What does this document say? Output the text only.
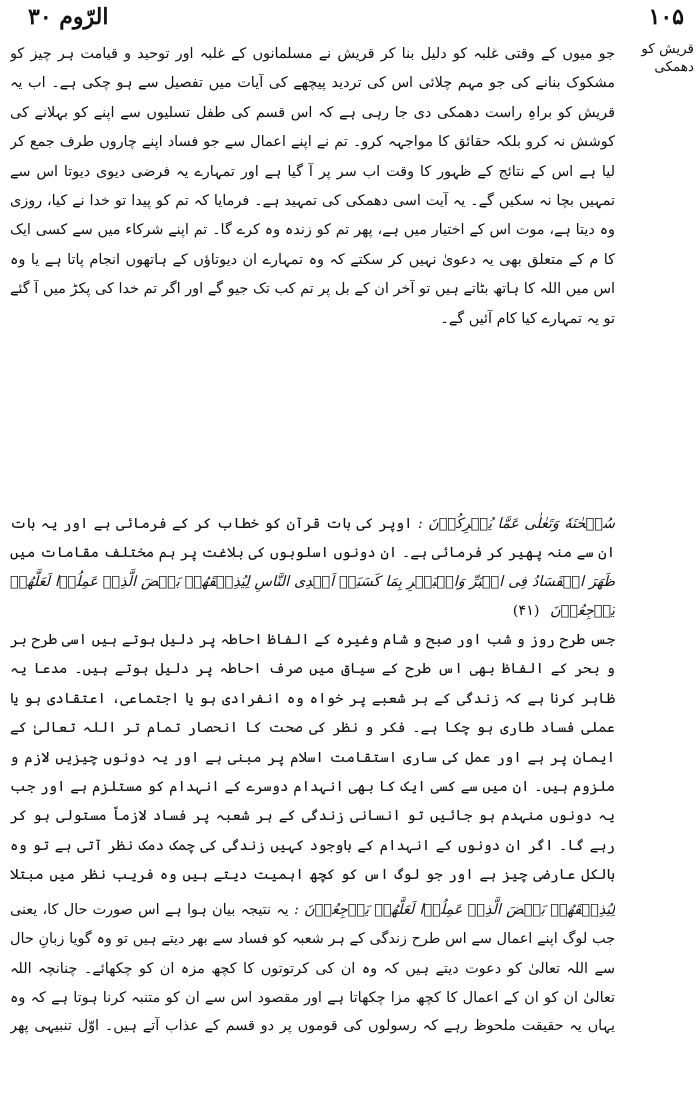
۱۰۵
الرّوم ۳۰
قریش کو دھمکی

جو میوں کے وقتی غلبہ کو دلیل بنا کر قریش نے مسلمانوں کے غلبہ اور توحید و قیامت ہر چیز کو مشکوک بنانے کی جو مہم چلائی اس کی تردید پیچھے کی آیات میں تفصیل سے ہو چکی ہے۔ اب یہ قریش کو براہِ راست دھمکی دی جا رہی ہے کہ اس قسم کی طفل تسلیوں سے اپنے کو بہلانے کی کوشش نہ کرو بلکہ حقائق کا مواجہہ کرو۔ تم نے اپنے اعمال سے جو فساد اپنے چاروں طرف جمع کر لیا ہے اس کے نتائج کے ظہور کا وقت اب سر پر آ گیا ہے اور تمہارے یہ فرضی دیوی دیوتا اس سے تمہیں بچا نہ سکیں گے۔ یہ آیت اسی دھمکی کی تمہید ہے۔ فرمایا کہ تم کو پیدا تو خدا نے کیا، روزی وہ دیتا ہے، موت اس کے اختیار میں ہے، پھر تم کو زندہ وہ کرے گا۔ تم اپنے شرکاء میں سے کسی ایک کا م کے متعلق بھی یہ دعویٰ نہیں کر سکتے کہ وہ تمہارے ان دیوتاؤں کے ہاتھوں انجام پاتا ہے یا وہ اس میں اللہ کا ہاتھ بٹاتے ہیں تو آخر ان کے بل پر تم کب تک جیو گے اور اگر تم خدا کی پکڑ میں آ گئے تو یہ تمہارے کیا کام آئیں گے۔

سُبۡحٰنَهٗ وَتَعٰلٰی عَمَّا یُشۡرِکُوۡنَ : اوپر کی بات قرآن کو خطاب کر کے فرمائی ہے اور یہ بات ان سے منہ پھیر کر فرمائی ہے۔ ان دونوں اسلوبوں کی بلاغت پر ہم مختلف مقامات میں

ظَهَرَ الۡفَسَادُ فِی الۡبَرِّ وَالۡبَحۡرِ بِمَا کَسَبَتۡ اَیۡدِی النَّاسِ لِیُذِیۡقَهُمۡ بَعۡضَ الَّذِیۡ عَمِلُوۡا لَعَلَّهُمۡ یَرۡجِعُوۡنَ (۴۱)

جس طرح روز و شب اور صبح و شام وغیرہ کے الفاظ احاطہ پر دلیل ہوتے ہیں اسی طرح بر و بحر کے الفاظ بھی اس طرح کے سیاق میں صرف احاطہ پر دلیل ہوتے ہیں۔ مدعا یہ ظاہر کرنا ہے کہ زندگی کے ہر شعبے پر خواہ وہ انفرادی ہو یا اجتماعی، اعتقادی ہو یا عملی فساد طاری ہو چکا ہے۔ فکر و نظر کی صحت کا انحصار تمام تر اللہ تعالیٰ کے ایمان پر ہے اور عمل کی ساری استقامت اسلام پر مبنی ہے اور یہ دونوں چیزیں لازم و ملزوم ہیں۔ ان میں سے کسی ایک کا بھی انہدام دوسرے کے انہدام کو مستلزم ہے اور جب یہ دونوں منہدم ہو جائیں تو انسانی زندگی کے ہر شعبہ پر فساد لازماً مستولی ہو کر رہے گا۔ اگر ان دونوں کے انہدام کے باوجود کہیں زندگی کی چمک دمک نظر آتی ہے تو وہ بالکل عارضی چیز ہے اور جو لوگ اس کو کچھ اہمیت دیتے ہیں وہ فریب نظر میں مبتلا

لِیُذِیۡقَهُمۡ بَعۡضَ الَّذِیۡ عَمِلُوۡا لَعَلَّهُمۡ یَرۡجِعُوۡنَ : یہ نتیجہ بیان ہوا ہے اس صورت حال کا، یعنی جب لوگ اپنے اعمال سے اس طرح زندگی کے ہر شعبہ کو فساد سے بھر دیتے ہیں تو وہ گویا زبانِ حال سے اللہ تعالیٰ کو دعوت دیتے ہیں کہ وہ ان کی کرتوتوں کا کچھ مزہ ان کو چکھائے۔ چنانچہ اللہ تعالیٰ ان کو ان کے اعمال کا کچھ مزا چکھاتا ہے اور مقصود اس سے ان کو متنبہ کرنا ہوتا ہے کہ وہ

یہاں یہ حقیقت ملحوظ رہے کہ رسولوں کی قوموں پر دو قسم کے عذاب آتے ہیں۔ اوّل تنبیہی پھر
